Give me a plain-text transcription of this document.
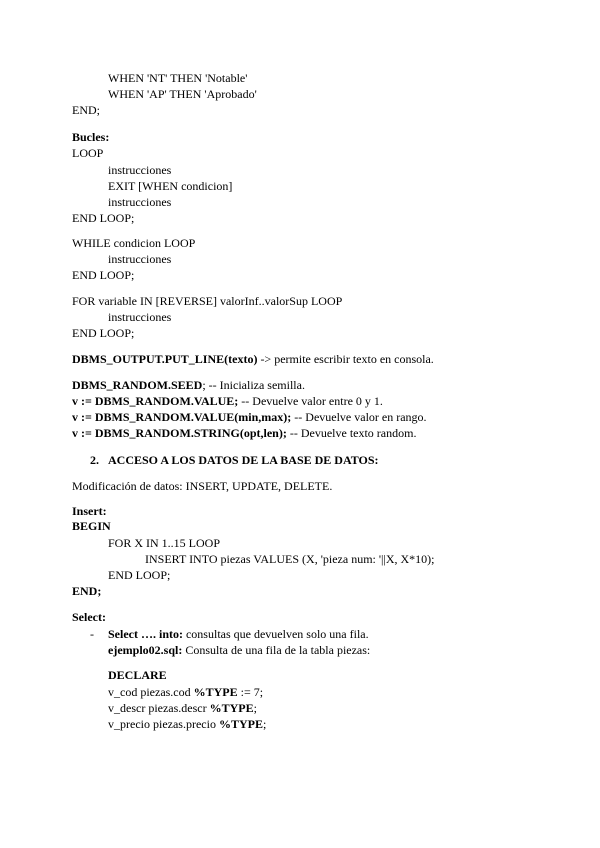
WHEN 'NT' THEN 'Notable'
WHEN 'AP' THEN 'Aprobado'
END;
Bucles:
LOOP
instrucciones
EXIT [WHEN condicion]
instrucciones
END LOOP;
WHILE condicion LOOP
instrucciones
END LOOP;
FOR variable IN [REVERSE] valorInf..valorSup LOOP
instrucciones
END LOOP;
DBMS_OUTPUT.PUT_LINE(texto) -> permite escribir texto en consola.
DBMS_RANDOM.SEED; -- Inicializa semilla.
v := DBMS_RANDOM.VALUE; -- Devuelve valor entre 0 y 1.
v := DBMS_RANDOM.VALUE(min,max); -- Devuelve valor en rango.
v := DBMS_RANDOM.STRING(opt,len); -- Devuelve texto random.
2. ACCESO A LOS DATOS DE LA BASE DE DATOS:
Modificación de datos: INSERT, UPDATE, DELETE.
Insert:
BEGIN
FOR X IN 1..15 LOOP
INSERT INTO piezas VALUES (X, 'pieza num: '||X, X*10);
END LOOP;
END;
Select:
- Select …. into: consultas que devuelven solo una fila.
ejemplo02.sql: Consulta de una fila de la tabla piezas:
DECLARE
v_cod piezas.cod %TYPE := 7;
v_descr piezas.descr %TYPE;
v_precio piezas.precio %TYPE;
